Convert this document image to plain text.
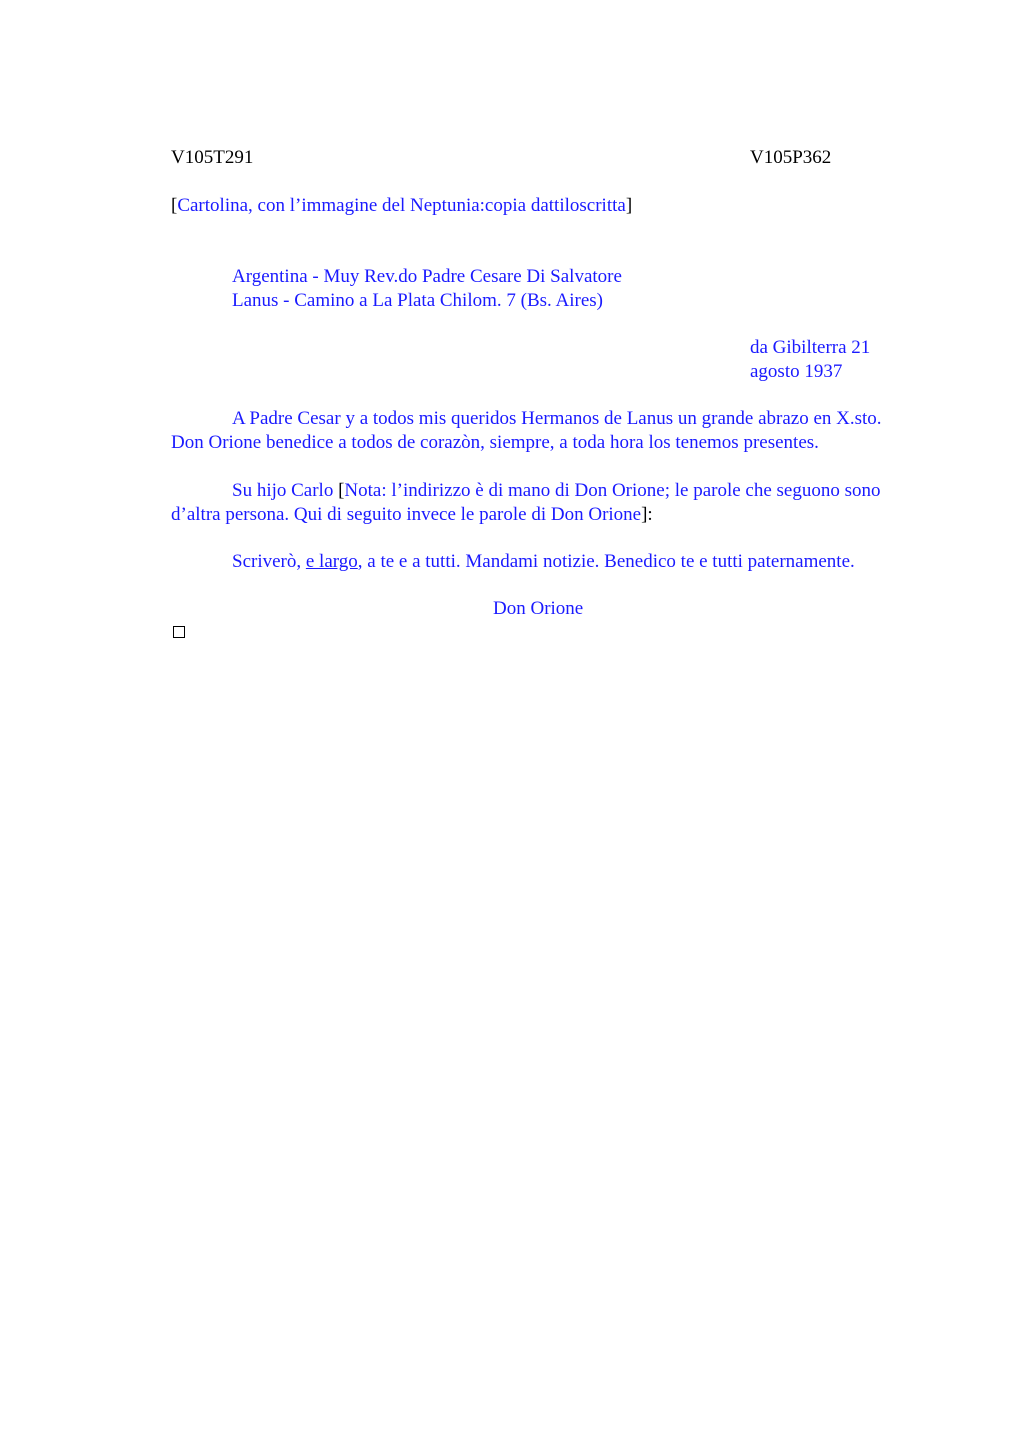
V105T291	V105P362
[Cartolina, con l’immagine del Neptunia:copia dattiloscritta]
Argentina - Muy Rev.do Padre Cesare Di Salvatore
Lanus - Camino a La Plata Chilom. 7 (Bs. Aires)
da Gibilterra 21
agosto 1937

A Padre Cesar y a todos mis queridos Hermanos de Lanus un grande abrazo en X.sto. Don Orione benedice a todos de corazòn, siempre, a toda hora los tenemos presentes.

Su hijo Carlo [Nota: l’indirizzo è di mano di Don Orione; le parole che seguono sono d’altra persona. Qui di seguito invece le parole di Don Orione]:

Scriverò, e largo, a te e a tutti. Mandami notizie. Benedico te e tutti paternamente.
Don Orione
